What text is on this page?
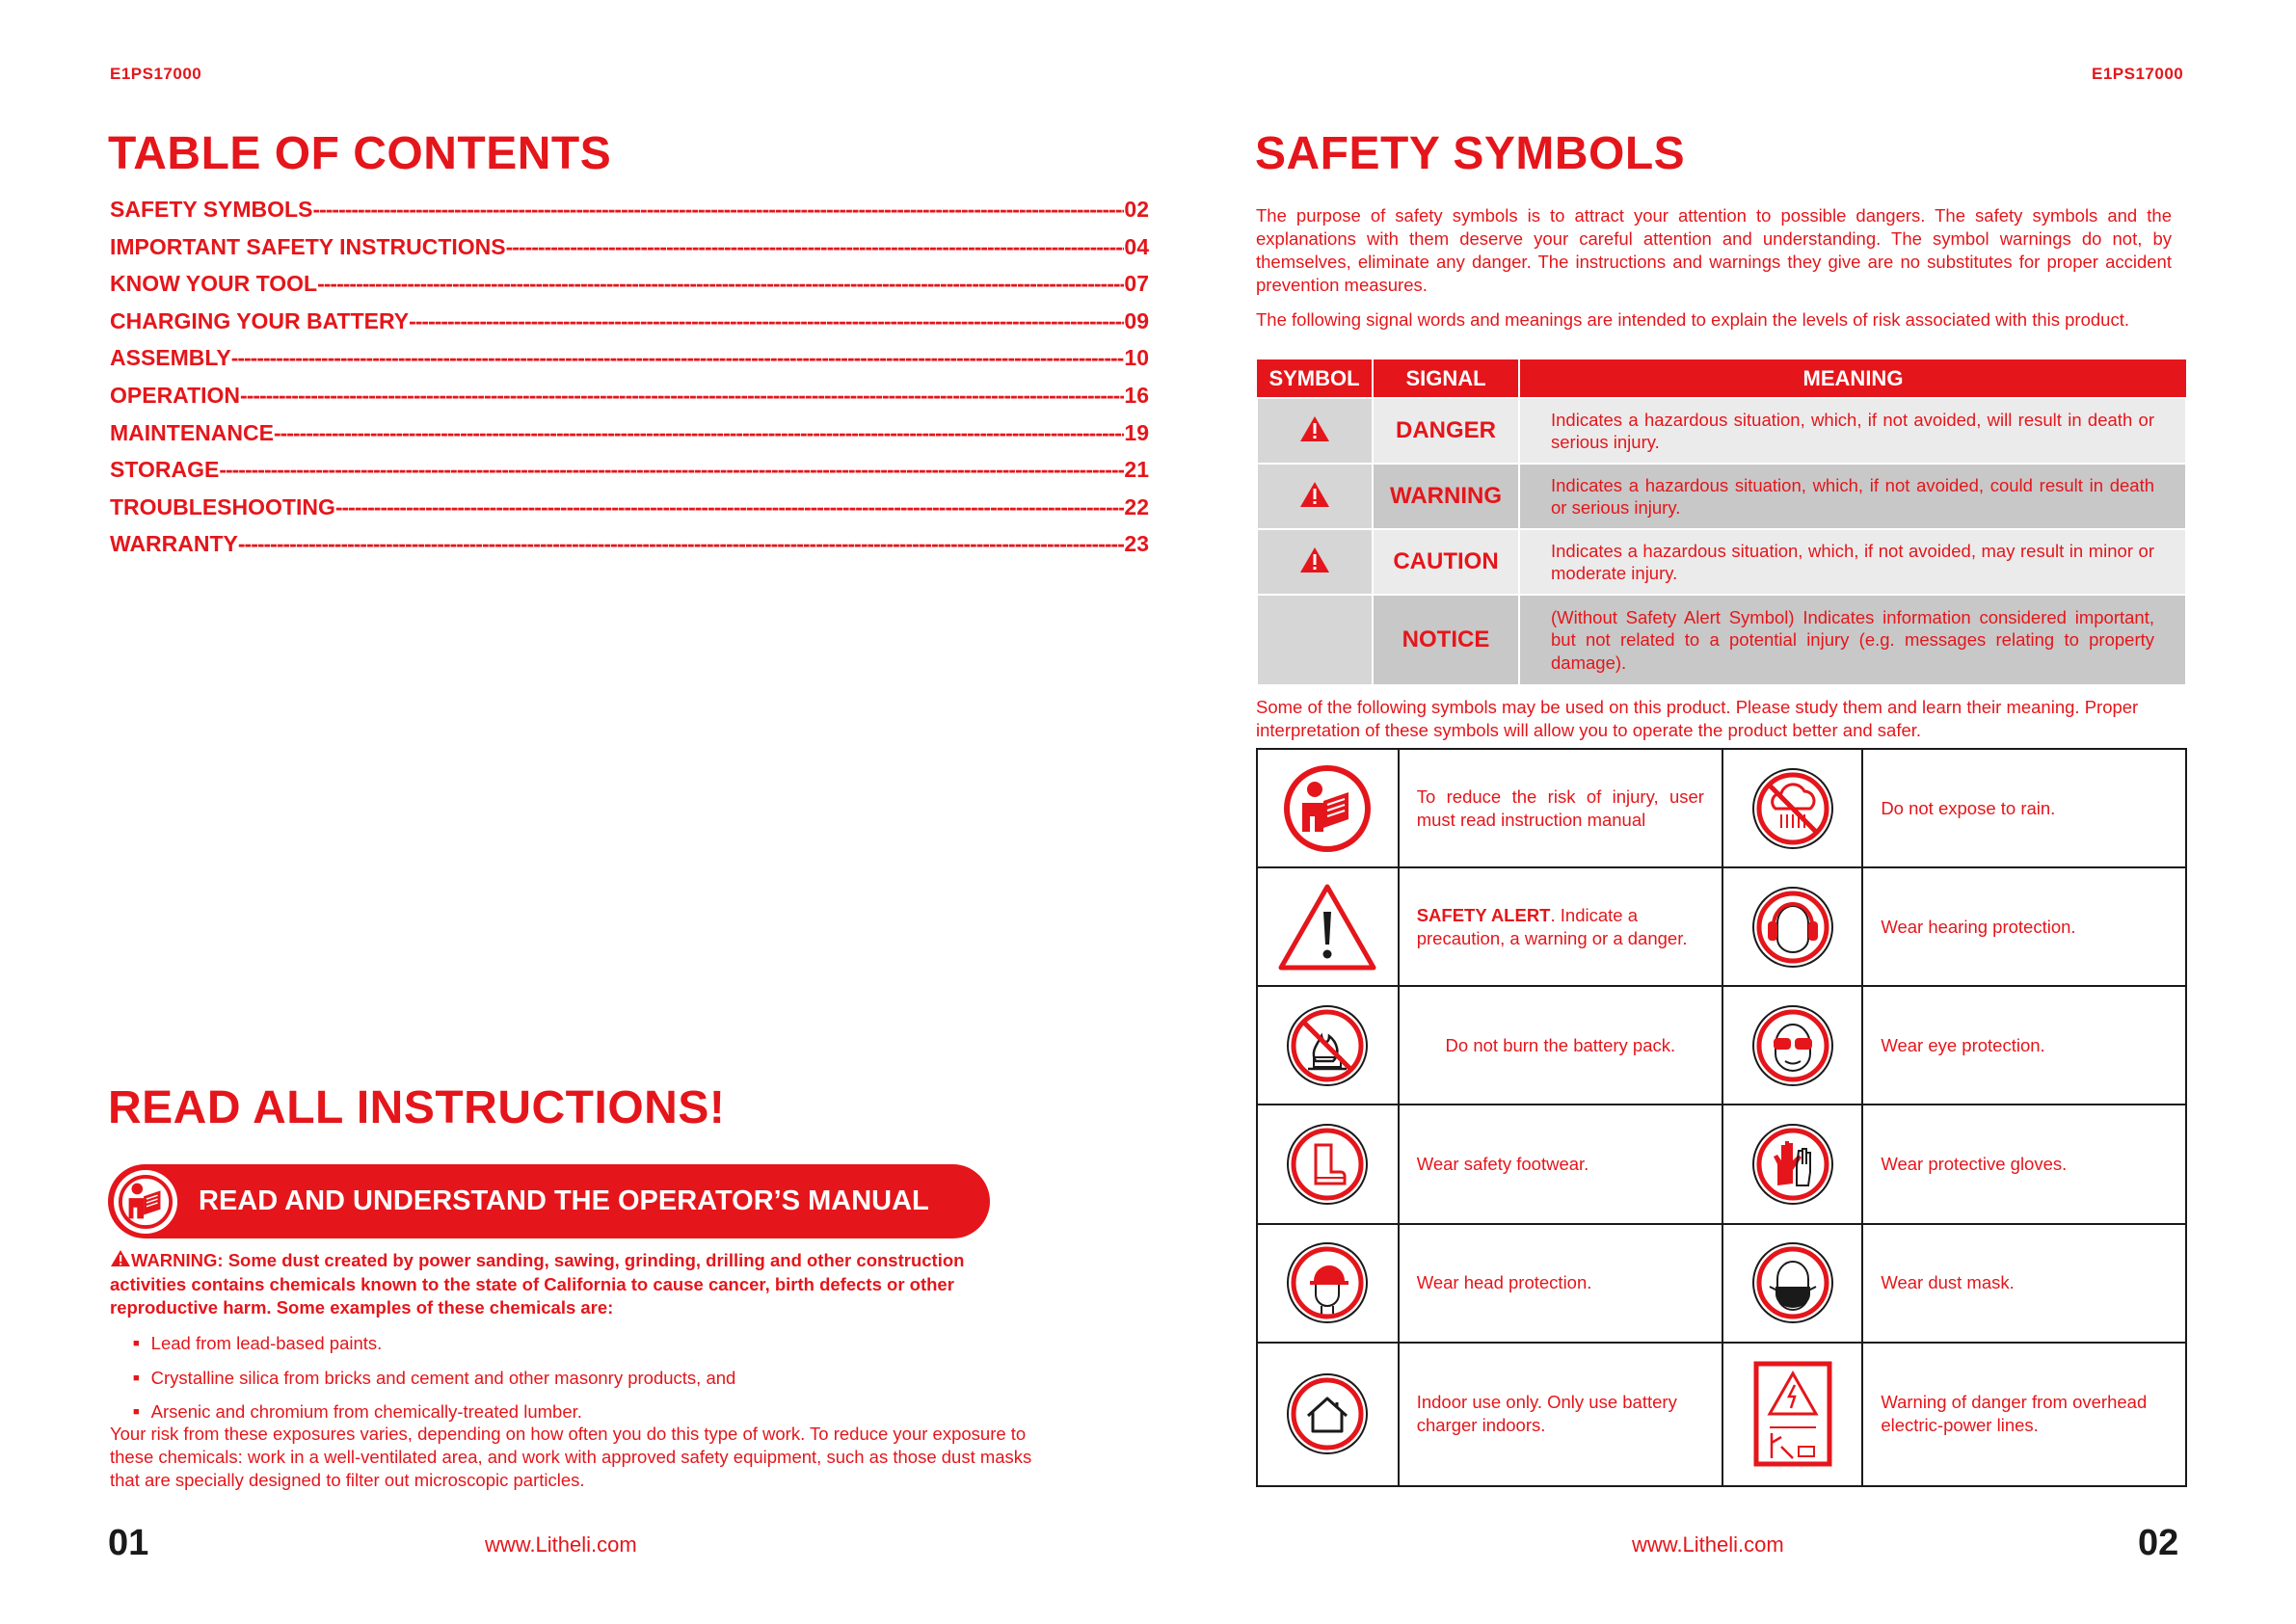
E1PS17000
TABLE OF CONTENTS
SAFETY SYMBOLS -----	02
IMPORTANT SAFETY INSTRUCTIONS -----	04
KNOW YOUR TOOL -----	07
CHARGING YOUR BATTERY -----	09
ASSEMBLY -----	10
OPERATION -----	16
MAINTENANCE -----	19
STORAGE -----	21
TROUBLESHOOTING -----	22
WARRANTY -----	23
READ ALL INSTRUCTIONS!
READ AND UNDERSTAND THE OPERATOR’S MANUAL
WARNING: Some dust created by power sanding, sawing, grinding, drilling and other construction activities contains chemicals known to the state of California to cause cancer, birth defects or other reproductive harm. Some examples of these chemicals are:
■ Lead from lead-based paints.
■ Crystalline silica from bricks and cement and other masonry products, and
■ Arsenic and chromium from chemically-treated lumber.
Your risk from these exposures varies, depending on how often you do this type of work. To reduce your exposure to these chemicals: work in a well-ventilated area, and work with approved safety equipment, such as those dust masks that are specially designed to filter out microscopic particles.
01	www.Litheli.com
E1PS17000
SAFETY SYMBOLS
The purpose of safety symbols is to attract your attention to possible dangers. The safety symbols and the explanations with them deserve your careful attention and understanding. The symbol warnings do not, by themselves, eliminate any danger. The instructions and warnings they give are no substitutes for proper accident prevention measures.
The following signal words and meanings are intended to explain the levels of risk associated with this product.
SYMBOL	SIGNAL	MEANING
	DANGER	Indicates a hazardous situation, which, if not avoided, will result in death or serious injury.
	WARNING	Indicates a hazardous situation, which, if not avoided, could result in death or serious injury.
	CAUTION	Indicates a hazardous situation, which, if not avoided, may result in minor or moderate injury.
	NOTICE	(Without Safety Alert Symbol) Indicates information considered important, but not related to a potential injury (e.g. messages relating to property damage).
Some of the following symbols may be used on this product. Please study them and learn their meaning. Proper interpretation of these symbols will allow you to operate the product better and safer.
	To reduce the risk of injury, user must read instruction manual		Do not expose to rain.

	SAFETY ALERT. Indicate a precaution, a warning or a danger.		Wear hearing protection.

	Do not burn the battery pack.		Wear eye protection.

	Wear safety footwear.		Wear protective gloves.

	Wear head protection.		Wear dust mask.

	Indoor use only. Only use battery charger indoors.		Warning of danger from overhead electric-power lines.
www.Litheli.com	02
